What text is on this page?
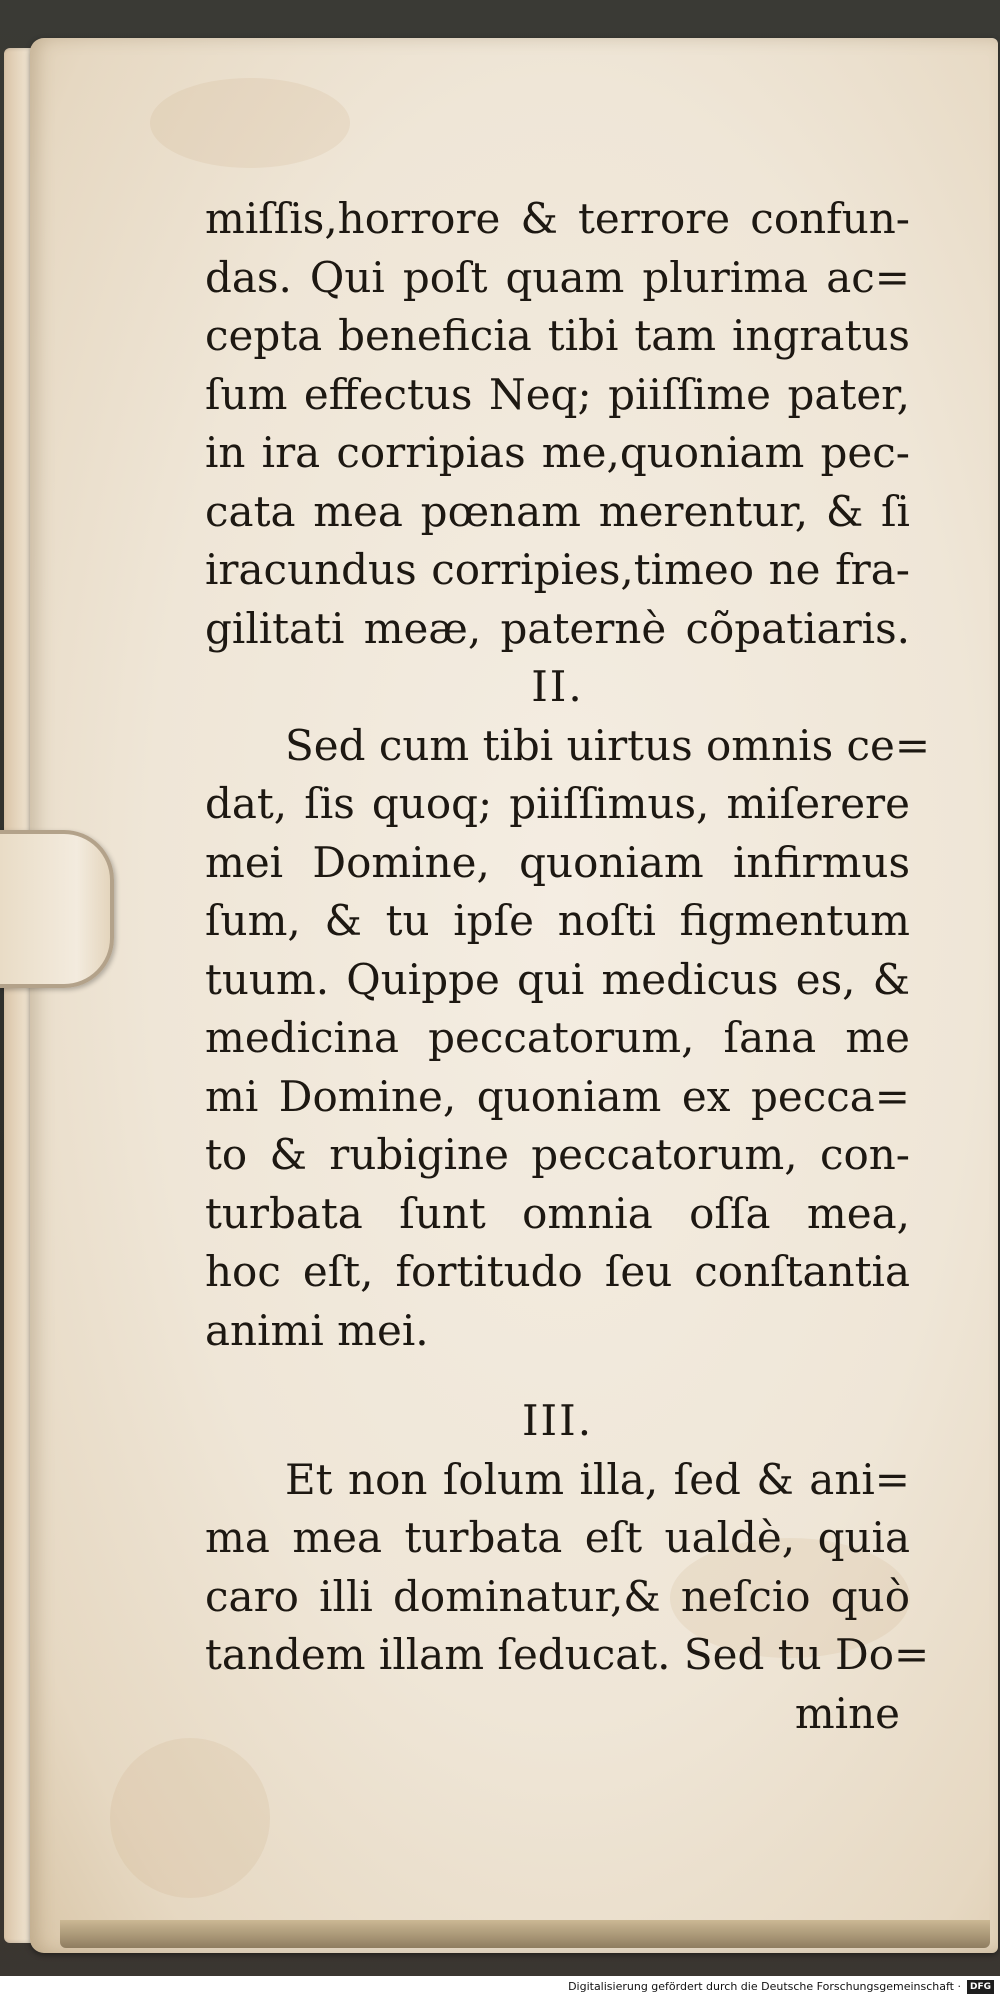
miſſis,horrore & terrore confun-
das. Qui poſt quam plurima ac=
cepta beneficia tibi tam ingratus
ſum effectus Neq; piiſſime pater,
in ira corripias me,quoniam pec-
cata mea pœnam merentur, & ſi
iracundus corripies,timeo ne fra-
gilitati meæ, paternè cõpatiaris.
II.
Sed cum tibi uirtus omnis ce=
dat, ſis quoq; piiſſimus, miſerere
mei Domine, quoniam infirmus
ſum, & tu ipſe noſti figmentum
tuum. Quippe qui medicus es, &
medicina peccatorum, ſana me
mi Domine, quoniam ex pecca=
to & rubigine peccatorum, con-
turbata ſunt omnia oſſa mea,
hoc eſt, fortitudo ſeu conſtantia
animi mei.
III.
Et non ſolum illa, ſed & ani=
ma mea turbata eſt ualdè, quia
caro illi dominatur,& neſcio quò
tandem illam ſeducat. Sed tu Do=
mine
Digitalisierung gefördert durch die Deutsche Forschungsgemeinschaft · DFG
